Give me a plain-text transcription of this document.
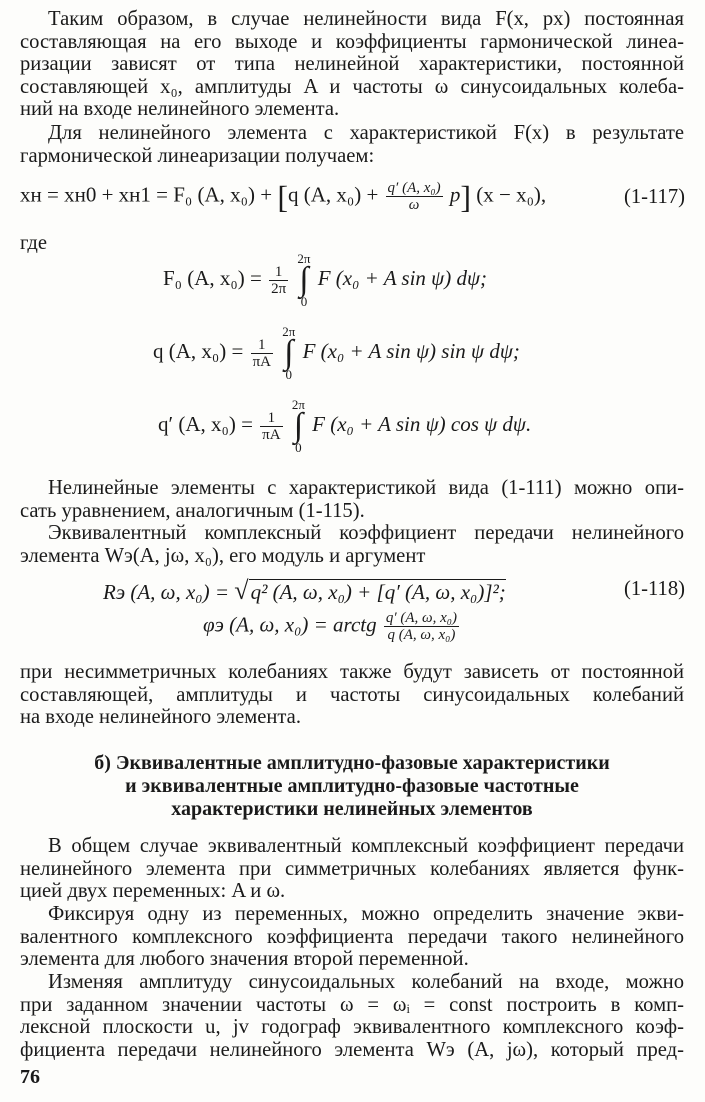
Таким образом, в случае нелинейности вида F(x, px) постоянная
составляющая на его выходе и коэффициенты гармонической линеа-
ризации зависят от типа нелинейной характеристики, постоянной
составляющей x₀, амплитуды A и частоты ω синусоидальных колеба-
ний на входе нелинейного элемента.
Для нелинейного элемента с характеристикой F(x) в результате
гармонической линеаризации получаем:
xн = xн0 + xн1 = F₀ (A, x₀) + [q (A, $x_0) + \frac{\text{q′ (A, x₀)}}{\omega} p$] (x − x₀),	(1-117)
где
F₀ (A, $x_0) = \frac{1}{2\pi}$
2π
∫
0 F (x₀ + A sin ψ) dψ;
q (A, $x_0) = \frac{1}{\pi A}$
2π
∫
0 F (x₀ + A sin ψ) sin ψ dψ;
q′ (A, $x_0) = \frac{1}{\pi A}$
2π
∫
0 F (x₀ + A sin ψ) cos ψ dψ.
Нелинейные элементы с характеристикой вида (1-111) можно опи-
сать уравнением, аналогичным (1-115).
Эквивалентный комплексный коэффициент передачи нелинейного
элемента Wэ(A, jω, x₀), его модуль и аргумент
Rэ (A, ω, x₀) = √q² (A, ω, x₀) + [q′ (A, ω, x₀)]²;	(1-118)
φэ (A, ω, x₀) = arctg $\frac{\text{q′ (A, ω, x₀)}}{\text{q (A, ω, x₀)}}$
при несимметричных колебаниях также будут зависеть от постоянной
составляющей, амплитуды и частоты синусоидальных колебаний
на входе нелинейного элемента.
б) Эквивалентные амплитудно-фазовые характеристики
и эквивалентные амплитудно-фазовые частотные
характеристики нелинейных элементов
В общем случае эквивалентный комплексный коэффициент передачи
нелинейного элемента при симметричных колебаниях является функ-
цией двух переменных: A и ω.
Фиксируя одну из переменных, можно определить значение экви-
валентного комплексного коэффициента передачи такого нелинейного
элемента для любого значения второй переменной.
Изменяя амплитуду синусоидальных колебаний на входе, можно
при заданном значении частоты ω = ωᵢ = const построить в комп-
лексной плоскости u, jv годограф эквивалентного комплексного коэф-
фициента передачи нелинейного элемента Wэ (A, jω), который пред-
76
